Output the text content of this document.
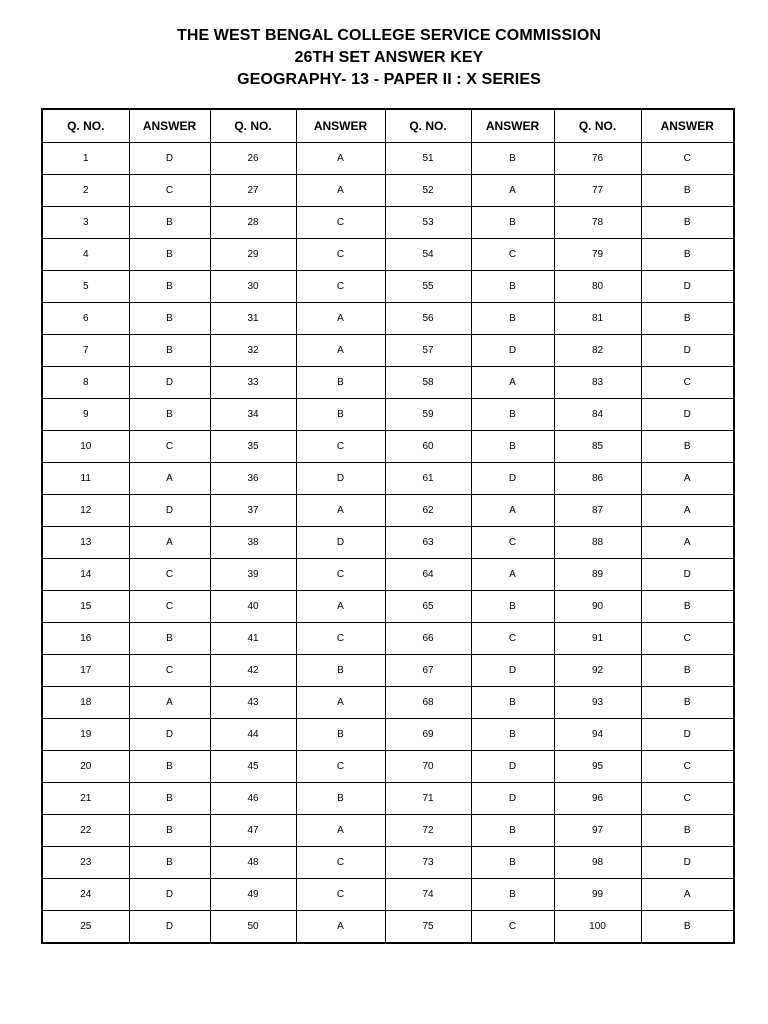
THE WEST BENGAL COLLEGE SERVICE COMMISSION
26TH SET ANSWER KEY
GEOGRAPHY- 13 - PAPER II : X SERIES
Q. NO.	ANSWER	Q. NO.	ANSWER	Q. NO.	ANSWER	Q. NO.	ANSWER
1	D	26	A	51	B	76	C
2	C	27	A	52	A	77	B
3	B	28	C	53	B	78	B
4	B	29	C	54	C	79	B
5	B	30	C	55	B	80	D
6	B	31	A	56	B	81	B
7	B	32	A	57	D	82	D
8	D	33	B	58	A	83	C
9	B	34	B	59	B	84	D
10	C	35	C	60	B	85	B
11	A	36	D	61	D	86	A
12	D	37	A	62	A	87	A
13	A	38	D	63	C	88	A
14	C	39	C	64	A	89	D
15	C	40	A	65	B	90	B
16	B	41	C	66	C	91	C
17	C	42	B	67	D	92	B
18	A	43	A	68	B	93	B
19	D	44	B	69	B	94	D
20	B	45	C	70	D	95	C
21	B	46	B	71	D	96	C
22	B	47	A	72	B	97	B
23	B	48	C	73	B	98	D
24	D	49	C	74	B	99	A
25	D	50	A	75	C	100	B
